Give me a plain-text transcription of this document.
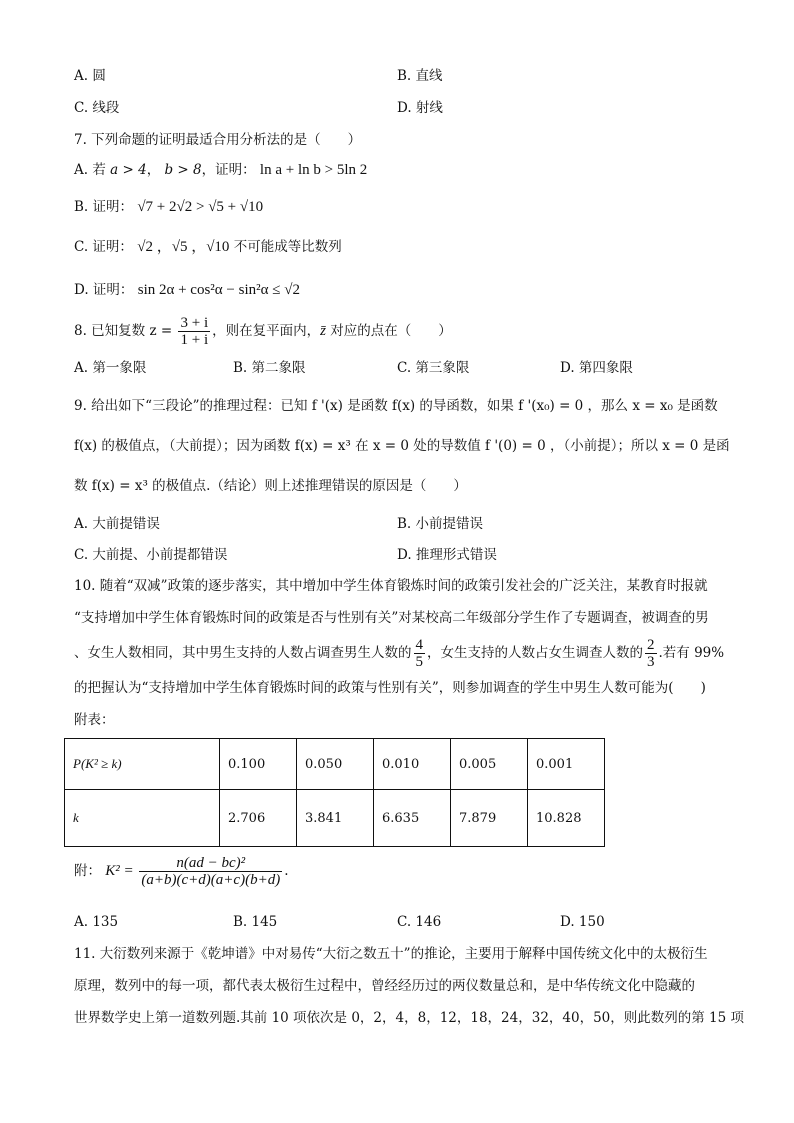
A. 圆	B. 直线
C. 线段	D. 射线
7. 下列命题的证明最适合用分析法的是（　　）
A. 若 a > 4， b > 8，证明： ln a + ln b > 5ln 2
B. 证明： √7 + 2√2 > √5 + √10
C. 证明： √2 ，√5 ，√10 不可能成等比数列
D. 证明： sin 2α + cos²α − sin²α ≤ √2
8. 已知复数 $z = \frac{3 + i}{1 + i}$ ，则在复平面内，z̄ 对应的点在（　　）
A. 第一象限	B. 第二象限	C. 第三象限	D. 第四象限
9. 给出如下“三段论”的推理过程：已知 f '(x) 是函数 f(x) 的导函数，如果 f '(x₀) = 0 ，那么 x = x₀ 是函数
f(x) 的极值点，（大前提）；因为函数 f(x) = x³ 在 x = 0 处的导数值 f '(0) = 0 ，（小前提）；所以 x = 0 是函
数 f(x) = x³ 的极值点.（结论）则上述推理错误的原因是（　　）
A. 大前提错误	B. 小前提错误
C. 大前提、小前提都错误	D. 推理形式错误
10. 随着“双减”政策的逐步落实，其中增加中学生体育锻炼时间的政策引发社会的广泛关注，某教育时报就
“支持增加中学生体育锻炼时间的政策是否与性别有关”对某校高二年级部分学生作了专题调查，被调查的男
、女生人数相同，其中男生支持的人数占调查男生人数的 $\frac{4}{5}$ ，女生支持的人数占女生调查人数的 $\frac{2}{3}$ .若有 99%
的把握认为“支持增加中学生体育锻炼时间的政策与性别有关”，则参加调查的学生中男生人数可能为(　　)
附表：
P(K² ≥ k)	0.100	0.050	0.010	0.005	0.001
k	2.706	3.841	6.635	7.879	10.828
附： $K^2 = \frac{\text{n(ad − bc)²}}{(a+b)(c+d)(a+c)(b+d)}$ .
A. 135	B. 145	C. 146	D. 150
11. 大衍数列来源于《乾坤谱》中对易传“大衍之数五十”的推论，主要用于解释中国传统文化中的太极衍生
原理，数列中的每一项，都代表太极衍生过程中，曾经经历过的两仪数量总和，是中华传统文化中隐藏的
世界数学史上第一道数列题.其前 10 项依次是 0，2，4，8，12，18，24，32，40，50，则此数列的第 15 项
